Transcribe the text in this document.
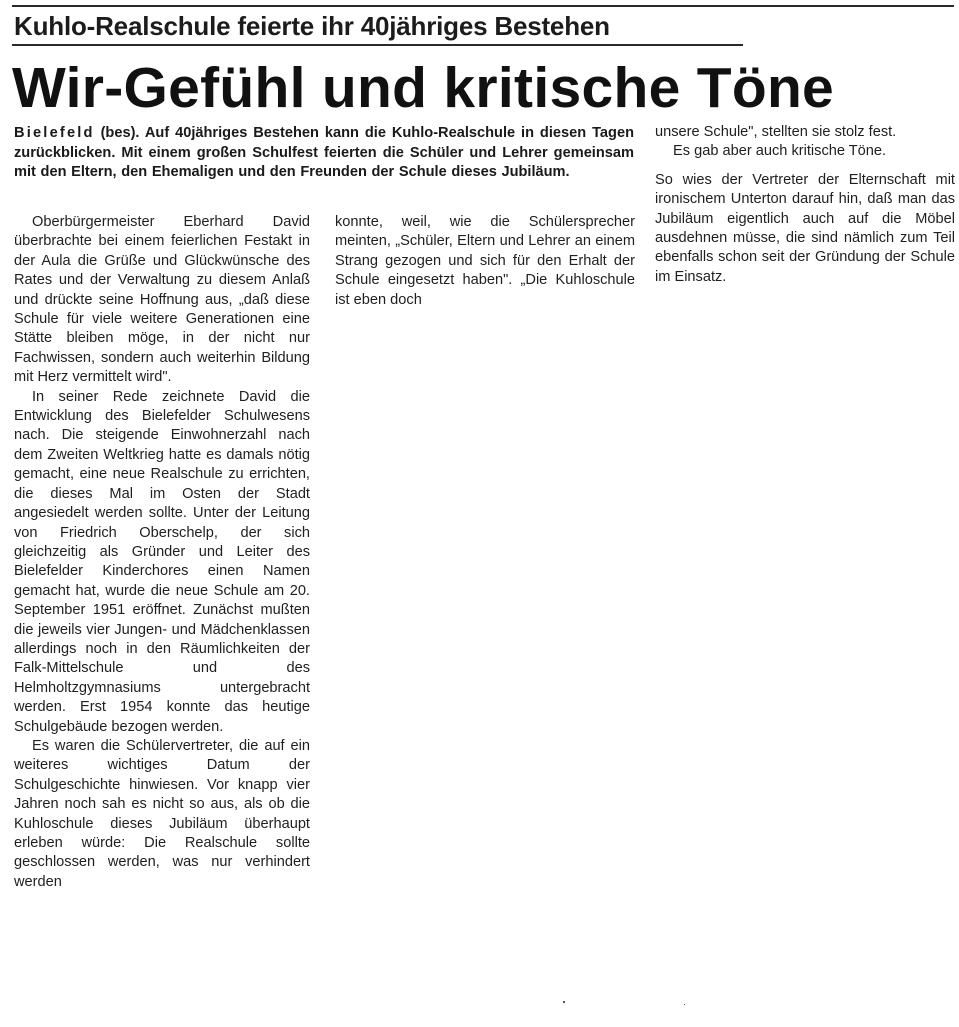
Kuhlo-Realschule feierte ihr 40jähriges Bestehen
Wir-Gefühl und kritische Töne
Bielefeld (bes). Auf 40jähriges Bestehen kann die Kuhlo-Realschule in diesen Tagen zurückblicken. Mit einem großen Schulfest feierten die Schüler und Lehrer gemeinsam mit den Eltern, den Ehemaligen und den Freunden der Schule dieses Jubiläum.

Oberbürgermeister Eberhard David überbrachte bei einem feierlichen Festakt in der Aula die Grüße und Glückwünsche des Rates und der Verwaltung zu diesem Anlaß und drückte seine Hoffnung aus, „daß diese Schule für viele weitere Generationen eine Stätte bleiben möge, in der nicht nur Fachwissen, sondern auch weiterhin Bildung mit Herz vermittelt wird".

In seiner Rede zeichnete David die Entwicklung des Bielefelder Schulwesens nach. Die steigende Einwohnerzahl nach dem Zweiten Weltkrieg hatte es damals nötig gemacht, eine neue Realschule zu errichten, die dieses Mal im Osten der Stadt angesiedelt werden sollte. Unter der Leitung von Friedrich Oberschelp, der sich gleichzeitig als Gründer und Leiter des Bielefelder Kinderchores einen Namen gemacht hat, wurde die neue Schule am 20. September 1951 eröffnet. Zunächst mußten die jeweils vier Jungen- und Mädchenklassen allerdings noch in den Räumlichkeiten der Falk-Mittelschule und des Helmholtzgymnasiums untergebracht werden. Erst 1954 konnte das heutige Schulgebäude bezogen werden.

Es waren die Schülervertreter, die auf ein weiteres wichtiges Datum der Schulgeschichte hinwiesen. Vor knapp vier Jahren noch sah es nicht so aus, als ob die Kuhloschule dieses Jubiläum überhaupt erleben würde: Die Realschule sollte geschlossen werden, was nur verhindert werden

konnte, weil, wie die Schülersprecher meinten, „Schüler, Eltern und Lehrer an einem Strang gezogen und sich für den Erhalt der Schule eingesetzt haben". „Die Kuhloschule ist eben doch

unsere Schule", stellten sie stolz fest.

Es gab aber auch kritische Töne.

So wies der Vertreter der Elternschaft mit ironischem Unterton darauf hin, daß man das Jubiläum eigentlich auch auf die Möbel ausdehnen müsse, die sind nämlich zum Teil ebenfalls schon seit der Gründung der Schule im Einsatz.
